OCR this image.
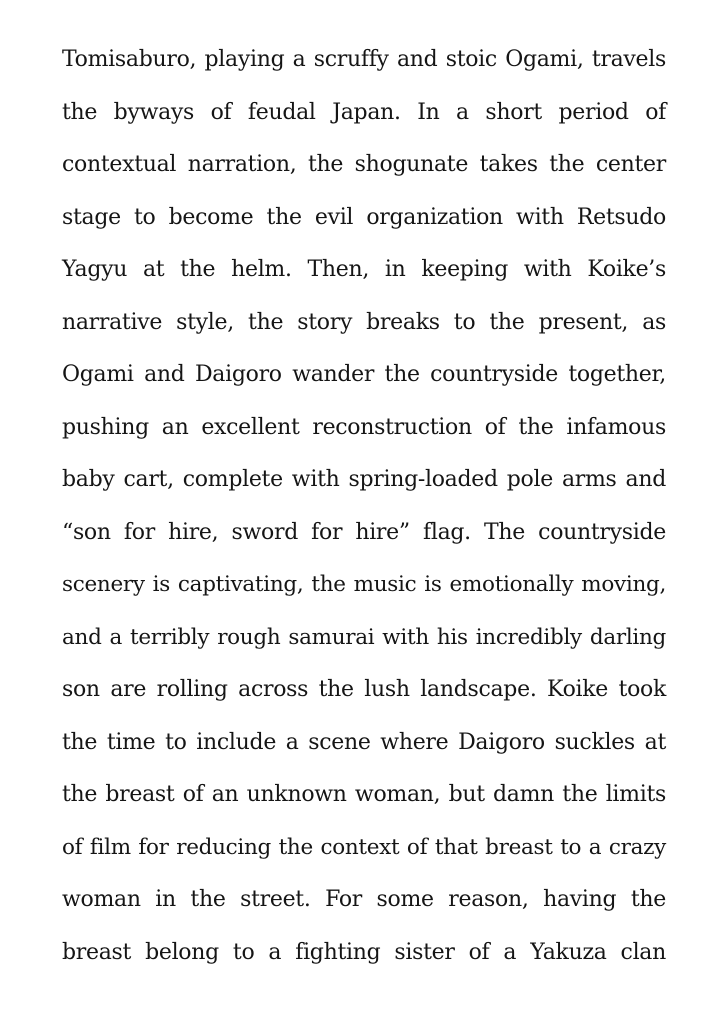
Tomisaburo, playing a scruffy and stoic Ogami, travels
the byways of feudal Japan. In a short period of
contextual narration, the shogunate takes the center
stage to become the evil organization with Retsudo
Yagyu at the helm. Then, in keeping with Koike’s
narrative style, the story breaks to the present, as
Ogami and Daigoro wander the countryside together,
pushing an excellent reconstruction of the infamous
baby cart, complete with spring-loaded pole arms and
“son for hire, sword for hire” flag. The countryside
scenery is captivating, the music is emotionally moving,
and a terribly rough samurai with his incredibly darling
son are rolling across the lush landscape. Koike took
the time to include a scene where Daigoro suckles at
the breast of an unknown woman, but damn the limits
of film for reducing the context of that breast to a crazy
woman in the street. For some reason, having the
breast belong to a fighting sister of a Yakuza clan
